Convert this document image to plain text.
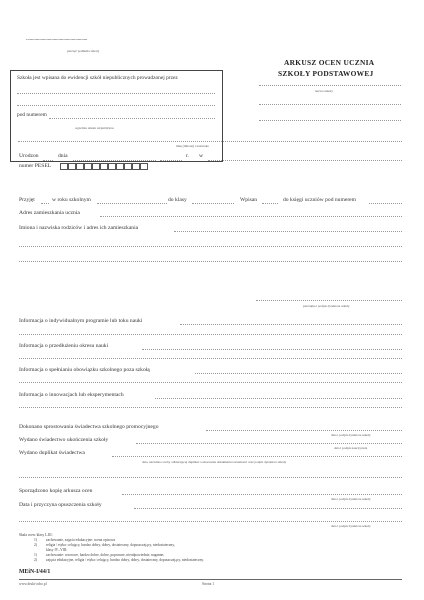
...................................................
pieczęć podłużna szkoły
Szkoła jest wpisana do ewidencji szkół niepublicznych prowadzonej przez
pod numerem
wypełnia szkoła niepubliczna
ARKUSZ OCEN UCZNIA
SZKOŁY PODSTAWOWEJ
nazwa szkoły
imię (imiona) i nazwisko
Urodzon	dnia	r. w
numer PESEL
Przyjęt	w roku szkolnym	do klasy	Wpisan	do księgi uczniów pod numerem
Adres zamieszkania ucznia
Imiona i nazwiska rodziców i adres ich zamieszkania
pieczątka i podpis dyrektora szkoły
Informacja o indywidualnym programie lub toku nauki
Informacja o przedłużeniu okresu nauki
Informacja o spełnianiu obowiązku szkolnego poza szkołą
Informacja o innowacjach lub eksperymentach
Dokonano sprostowania świadectwa szkolnego promocyjnego
data i podpis dyrektora szkoły
Wydano świadectwo ukończenia szkoły
data i podpis nauczyciela
Wydano duplikat świadectwa
data, nazwisko osoby odbierającej duplikat i oznaczenie dokumentu tożsamości oraz podpis dyrektora szkoły
Sporządzono kopię arkusza ocen
data i podpis dyrektora szkoły
Data i przyczyna opuszczenia szkoły
data i podpis dyrektora szkoły
Skala ocen: klasy I–III:
1)	zachowanie, zajęcia edukacyjne: ocena opisowa
2)	religia / etyka: celujący, bardzo dobry, dobry, dostateczny, dopuszczający, niedostateczny,
klasy IV–VIII:
1)	zachowanie: wzorowe, bardzo dobre, dobre, poprawne, nieodpowiednie, naganne;
2)	zajęcia edukacyjne, religia / etyka: celujący, bardzo dobry, dobry, dostateczny, dopuszczający, niedostateczny.
MEiN-I/44/1
www.druki-acho.pl	Strona 1
